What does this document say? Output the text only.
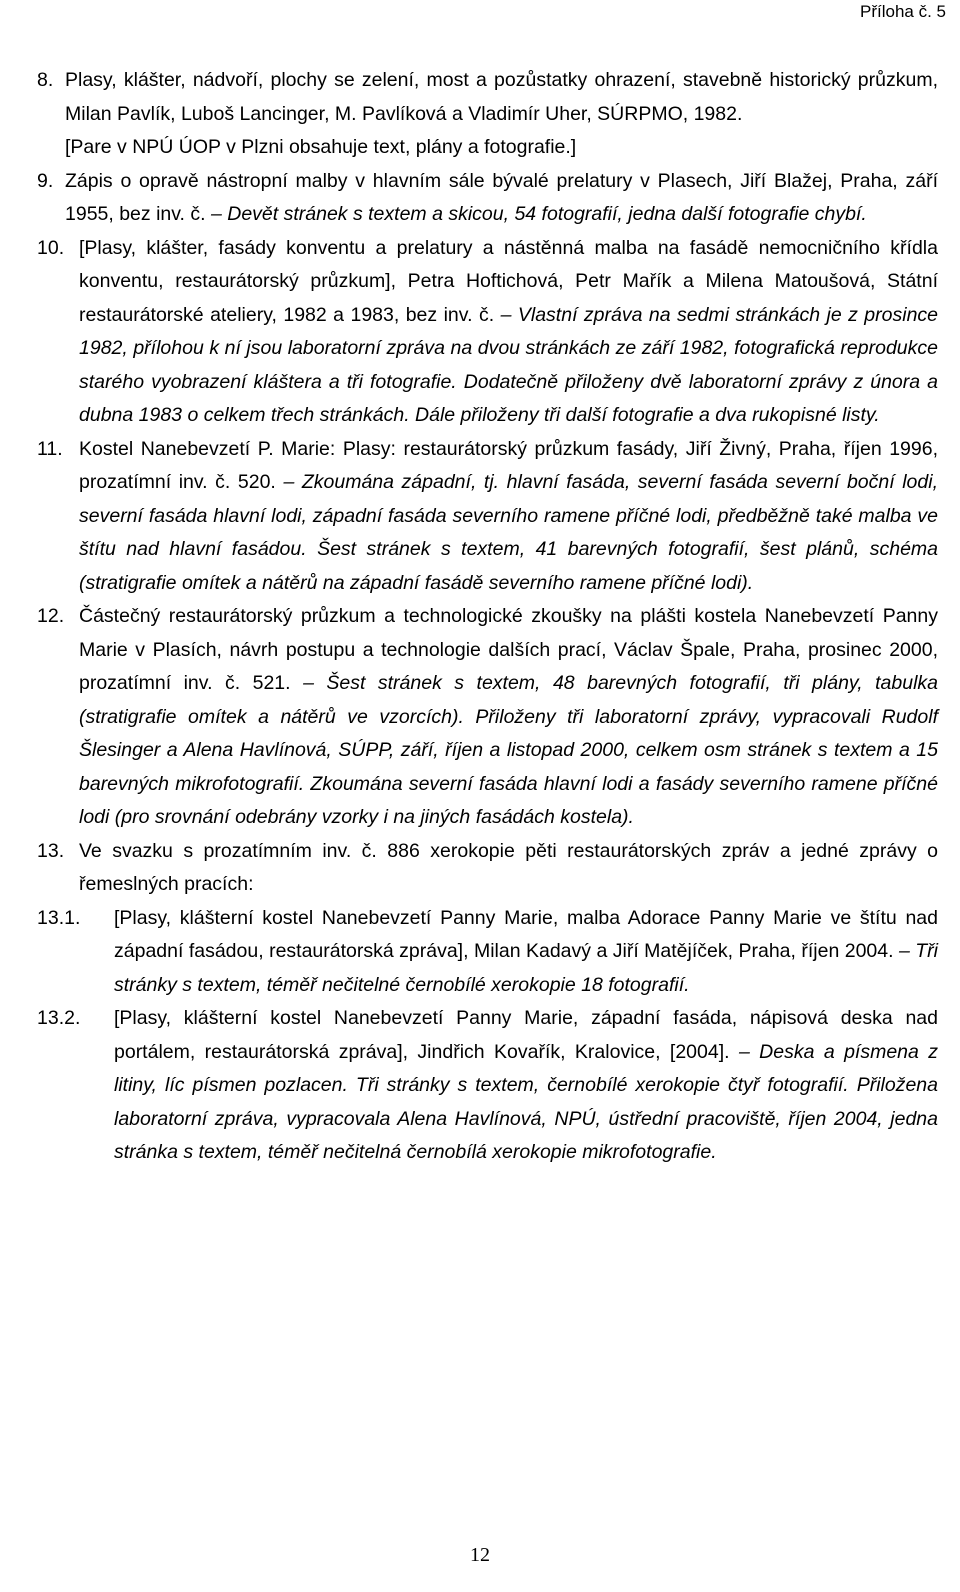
Příloha č. 5
8. Plasy, klášter, nádvoří, plochy se zelení, most a pozůstatky ohrazení, stavebně historický průzkum, Milan Pavlík, Luboš Lancinger, M. Pavlíková a Vladimír Uher, SÚRPMO, 1982.
[Pare v NPÚ ÚOP v Plzni obsahuje text, plány a fotografie.]
9. Zápis o opravě nástropní malby v hlavním sále bývalé prelatury v Plasech, Jiří Blažej, Praha, září 1955, bez inv. č. – Devět stránek s textem a skicou, 54 fotografií, jedna další fotografie chybí.
10. [Plasy, klášter, fasády konventu a prelatury a nástěnná malba na fasádě nemocničního křídla konventu, restaurátorský průzkum], Petra Hoftichová, Petr Mařík a Milena Matoušová, Státní restaurátorské ateliery, 1982 a 1983, bez inv. č. – Vlastní zpráva na sedmi stránkách je z prosince 1982, přílohou k ní jsou laboratorní zpráva na dvou stránkách ze září 1982, fotografická reprodukce starého vyobrazení kláštera a tři fotografie. Dodatečně přiloženy dvě laboratorní zprávy z února a dubna 1983 o celkem třech stránkách. Dále přiloženy tři další fotografie a dva rukopisné listy.
11. Kostel Nanebevzetí P. Marie: Plasy: restaurátorský průzkum fasády, Jiří Živný, Praha, říjen 1996, prozatímní inv. č. 520. – Zkoumána západní, tj. hlavní fasáda, severní fasáda severní boční lodi, severní fasáda hlavní lodi, západní fasáda severního ramene příčné lodi, předběžně také malba ve štítu nad hlavní fasádou. Šest stránek s textem, 41 barevných fotografií, šest plánů, schéma (stratigrafie omítek a nátěrů na západní fasádě severního ramene příčné lodi).
12. Částečný restaurátorský průzkum a technologické zkoušky na plášti kostela Nanebevzetí Panny Marie v Plasích, návrh postupu a technologie dalších prací, Václav Špale, Praha, prosinec 2000, prozatímní inv. č. 521. – Šest stránek s textem, 48 barevných fotografií, tři plány, tabulka (stratigrafie omítek a nátěrů ve vzorcích). Přiloženy tři laboratorní zprávy, vypracovali Rudolf Šlesinger a Alena Havlínová, SÚPP, září, říjen a listopad 2000, celkem osm stránek s textem a 15 barevných mikrofotografií. Zkoumána severní fasáda hlavní lodi a fasády severního ramene příčné lodi (pro srovnání odebrány vzorky i na jiných fasádách kostela).
13. Ve svazku s prozatímním inv. č. 886 xerokopie pěti restaurátorských zpráv a jedné zprávy o řemeslných pracích:
13.1.	[Plasy, klášterní kostel Nanebevzetí Panny Marie, malba Adorace Panny Marie ve štítu nad západní fasádou, restaurátorská zpráva], Milan Kadavý a Jiří Matějíček, Praha, říjen 2004. – Tři stránky s textem, téměř nečitelné černobílé xerokopie 18 fotografií.
13.2.	[Plasy, klášterní kostel Nanebevzetí Panny Marie, západní fasáda, nápisová deska nad portálem, restaurátorská zpráva], Jindřich Kovařík, Kralovice, [2004]. – Deska a písmena z litiny, líc písmen pozlacen. Tři stránky s textem, černobílé xerokopie čtyř fotografií. Přiložena laboratorní zpráva, vypracovala Alena Havlínová, NPÚ, ústřední pracoviště, říjen 2004, jedna stránka s textem, téměř nečitelná černobílá xerokopie mikrofotografie.
12
